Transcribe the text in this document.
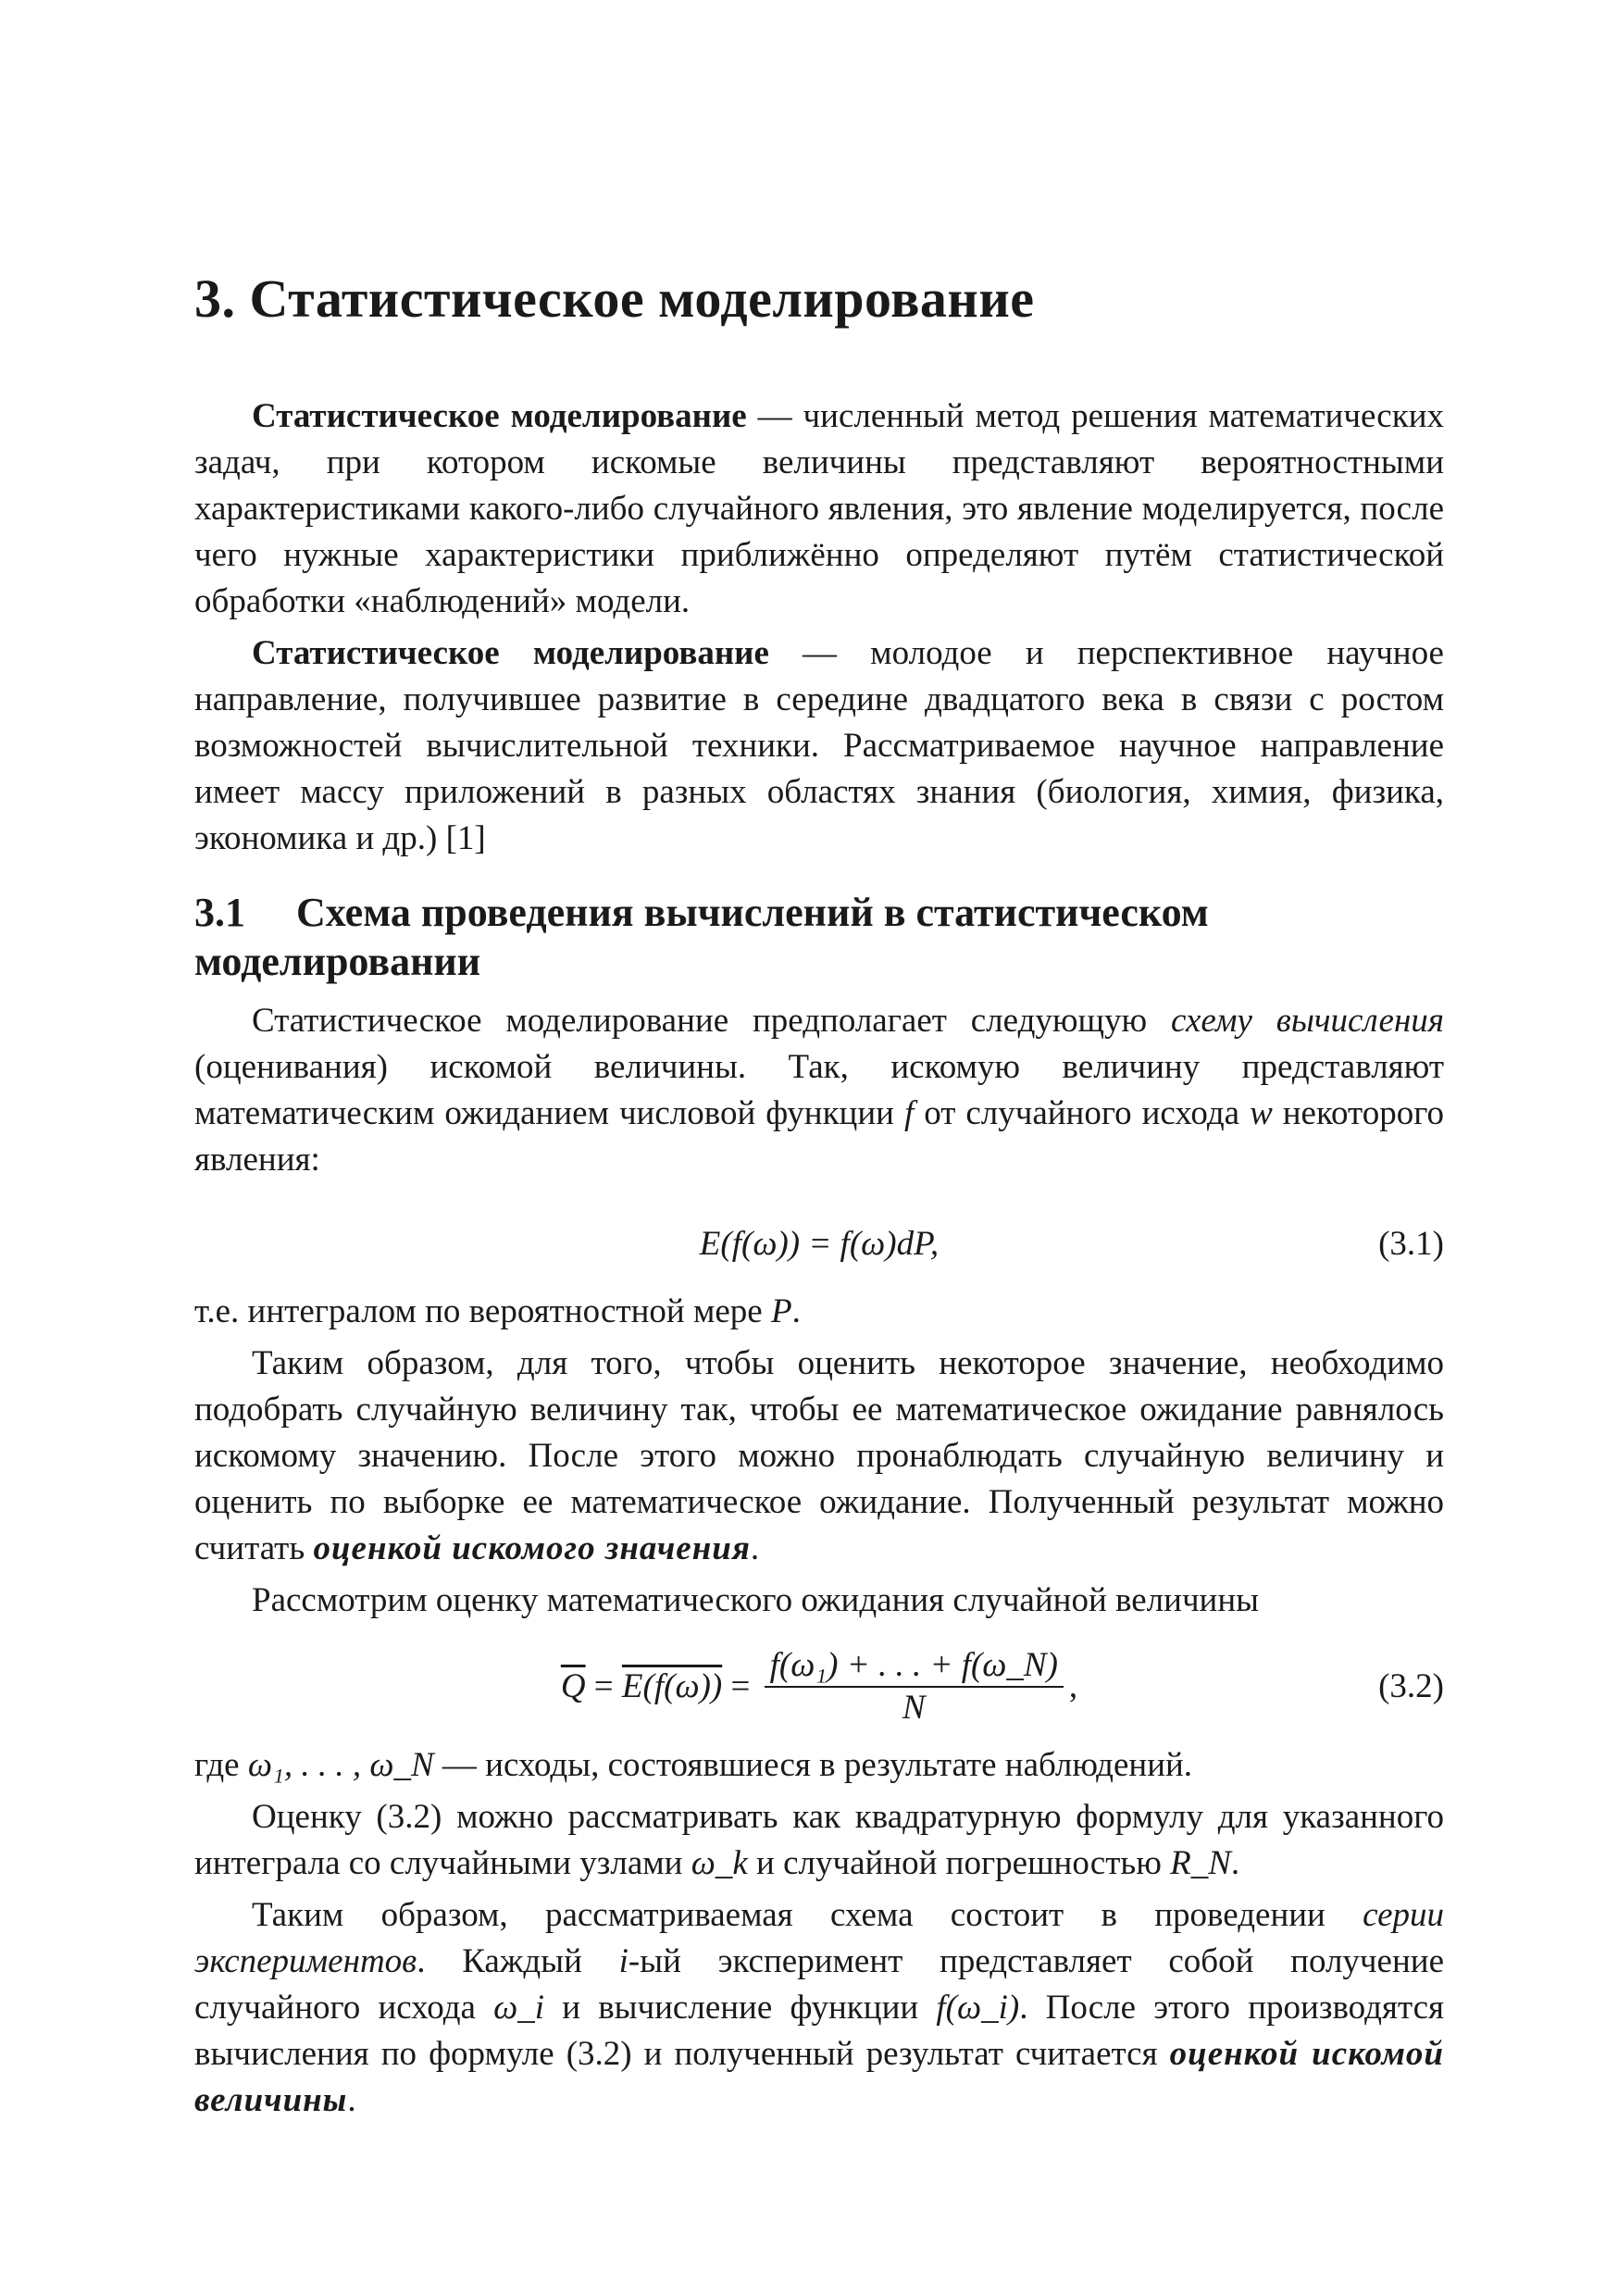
3. Статистическое моделирование

Статистическое моделирование — численный метод решения математических задач, при котором искомые величины представляют вероятностными характеристиками какого-либо случайного явления, это явление моделируется, после чего нужные характеристики приближённо определяют путём статистической обработки «наблюдений» модели.

Статистическое моделирование — молодое и перспективное научное направление, получившее развитие в середине двадцатого века в связи с ростом возможностей вычислительной техники. Рассматриваемое научное направление имеет массу приложений в разных областях знания (биология, химия, физика, экономика и др.) [1]

3.1 Схема проведения вычислений в статистическом моделировании

Статистическое моделирование предполагает следующую схему вычисления (оценивания) искомой величины. Так, искомую величину представляют математическим ожиданием числовой функции f от случайного исхода w некоторого явления:

E(f(ω)) = f(ω)dP,	(3.1)

т.е. интегралом по вероятностной мере P.

Таким образом, для того, чтобы оценить некоторое значение, необходимо подобрать случайную величину так, чтобы ее математическое ожидание равнялось искомому значению. После этого можно пронаблюдать случайную величину и оценить по выборке ее математическое ожидание. Полученный результат можно считать оценкой искомого значения.

Рассмотрим оценку математического ожидания случайной величины

$\overline{Q} = E(f(\omega)) = \frac{\text{f(ω₁) + . . . + f(ω\_N)}}{N}$ ,	(3.2)

где ω₁, . . . , ω_N — исходы, состоявшиеся в результате наблюдений.

Оценку (3.2) можно рассматривать как квадратурную формулу для указанного интеграла со случайными узлами ω_k и случайной погрешностью R_N.

Таким образом, рассматриваемая схема состоит в проведении серии экспериментов. Каждый i-ый эксперимент представляет собой получение случайного исхода ω_i и вычисление функции f(ω_i). После этого производятся вычисления по формуле (3.2) и полученный результат считается оценкой искомой величины.
